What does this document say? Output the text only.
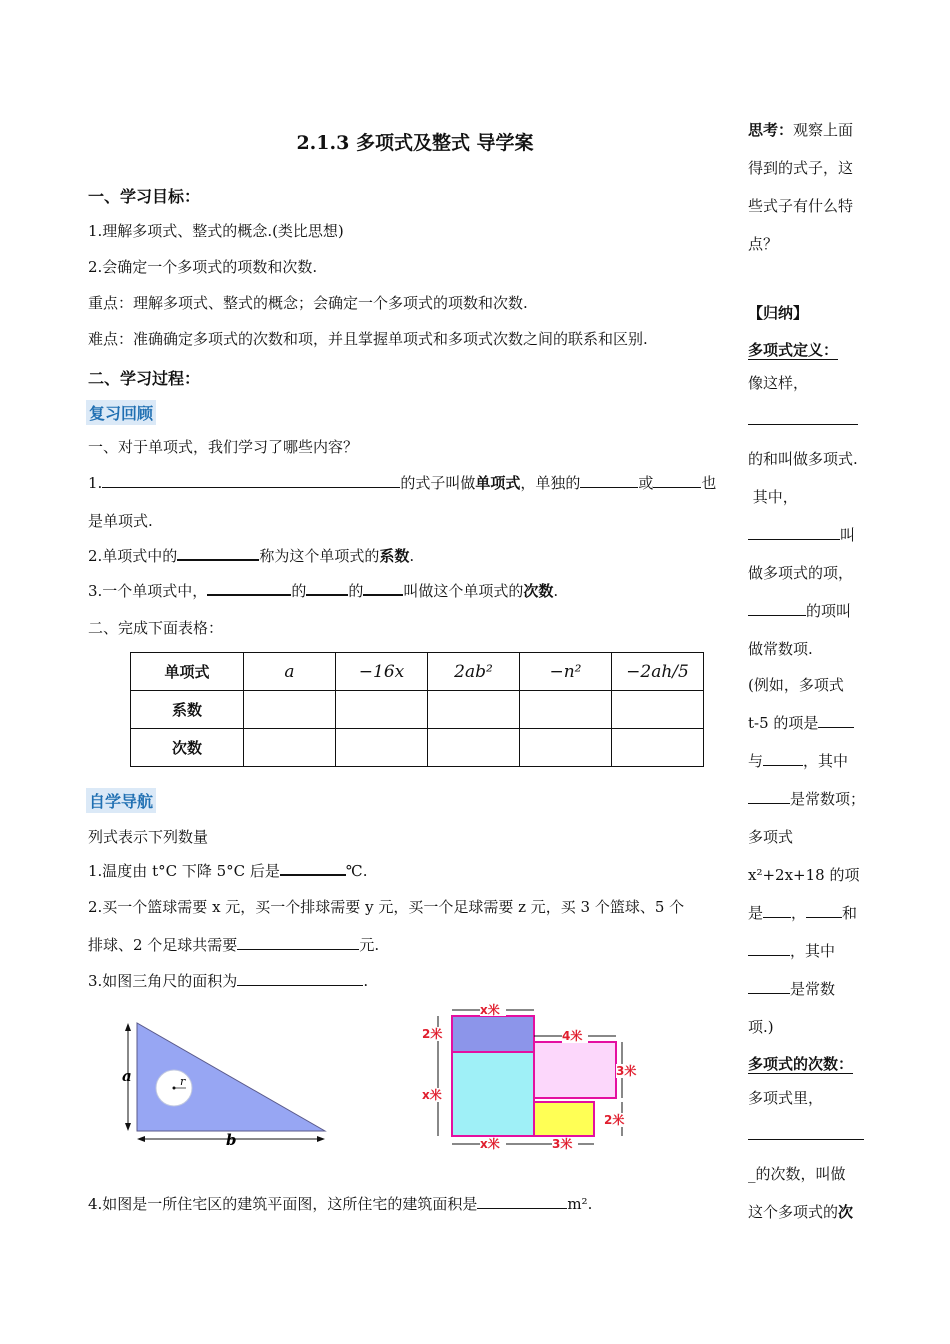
2.1.3 多项式及整式 导学案
一、学习目标：
1.理解多项式、整式的概念.(类比思想)
2.会确定一个多项式的项数和次数.
重点：理解多项式、整式的概念；会确定一个多项式的项数和次数.
难点：准确确定多项式的次数和项，并且掌握单项式和多项式次数之间的联系和区别.
二、学习过程：
复习回顾
一、对于单项式，我们学习了哪些内容？
1.	的式子叫做单项式，单独的	或	也
是单项式.
2.单项式中的	称为这个单项式的系数.
3.一个单项式中，	的	的	叫做这个单项式的次数.
二、完成下面表格：
单项式	a	−16x	2ab²	−n²	−2ah/5
系数					
次数					
自学导航
列式表示下列数量
1.温度由 t°C 下降 5°C 后是	℃.
2.买一个篮球需要 x 元，买一个排球需要 y 元，买一个足球需要 z 元，买 3 个篮球、5 个
排球、2 个足球共需要	元.
3.如图三角尺的面积为	.
r
a
b
x米
2米
x米
4米
3米
2米
x米	3米
4.如图是一所住宅区的建筑平面图，这所住宅的建筑面积是	m².
思考：观察上面
得到的式子，这
些式子有什么特
点？
【归纳】
多项式定义：
像这样，
的和叫做多项式.
其中，
叫
做多项式的项，
的项叫
做常数项.
(例如，多项式
t-5 的项是
与	，其中
是常数项；
多项式
x²+2x+18 的项
是 ， 和
，其中
是常数
项.)
多项式的次数：
多项式里，
_的次数，叫做
这个多项式的次
